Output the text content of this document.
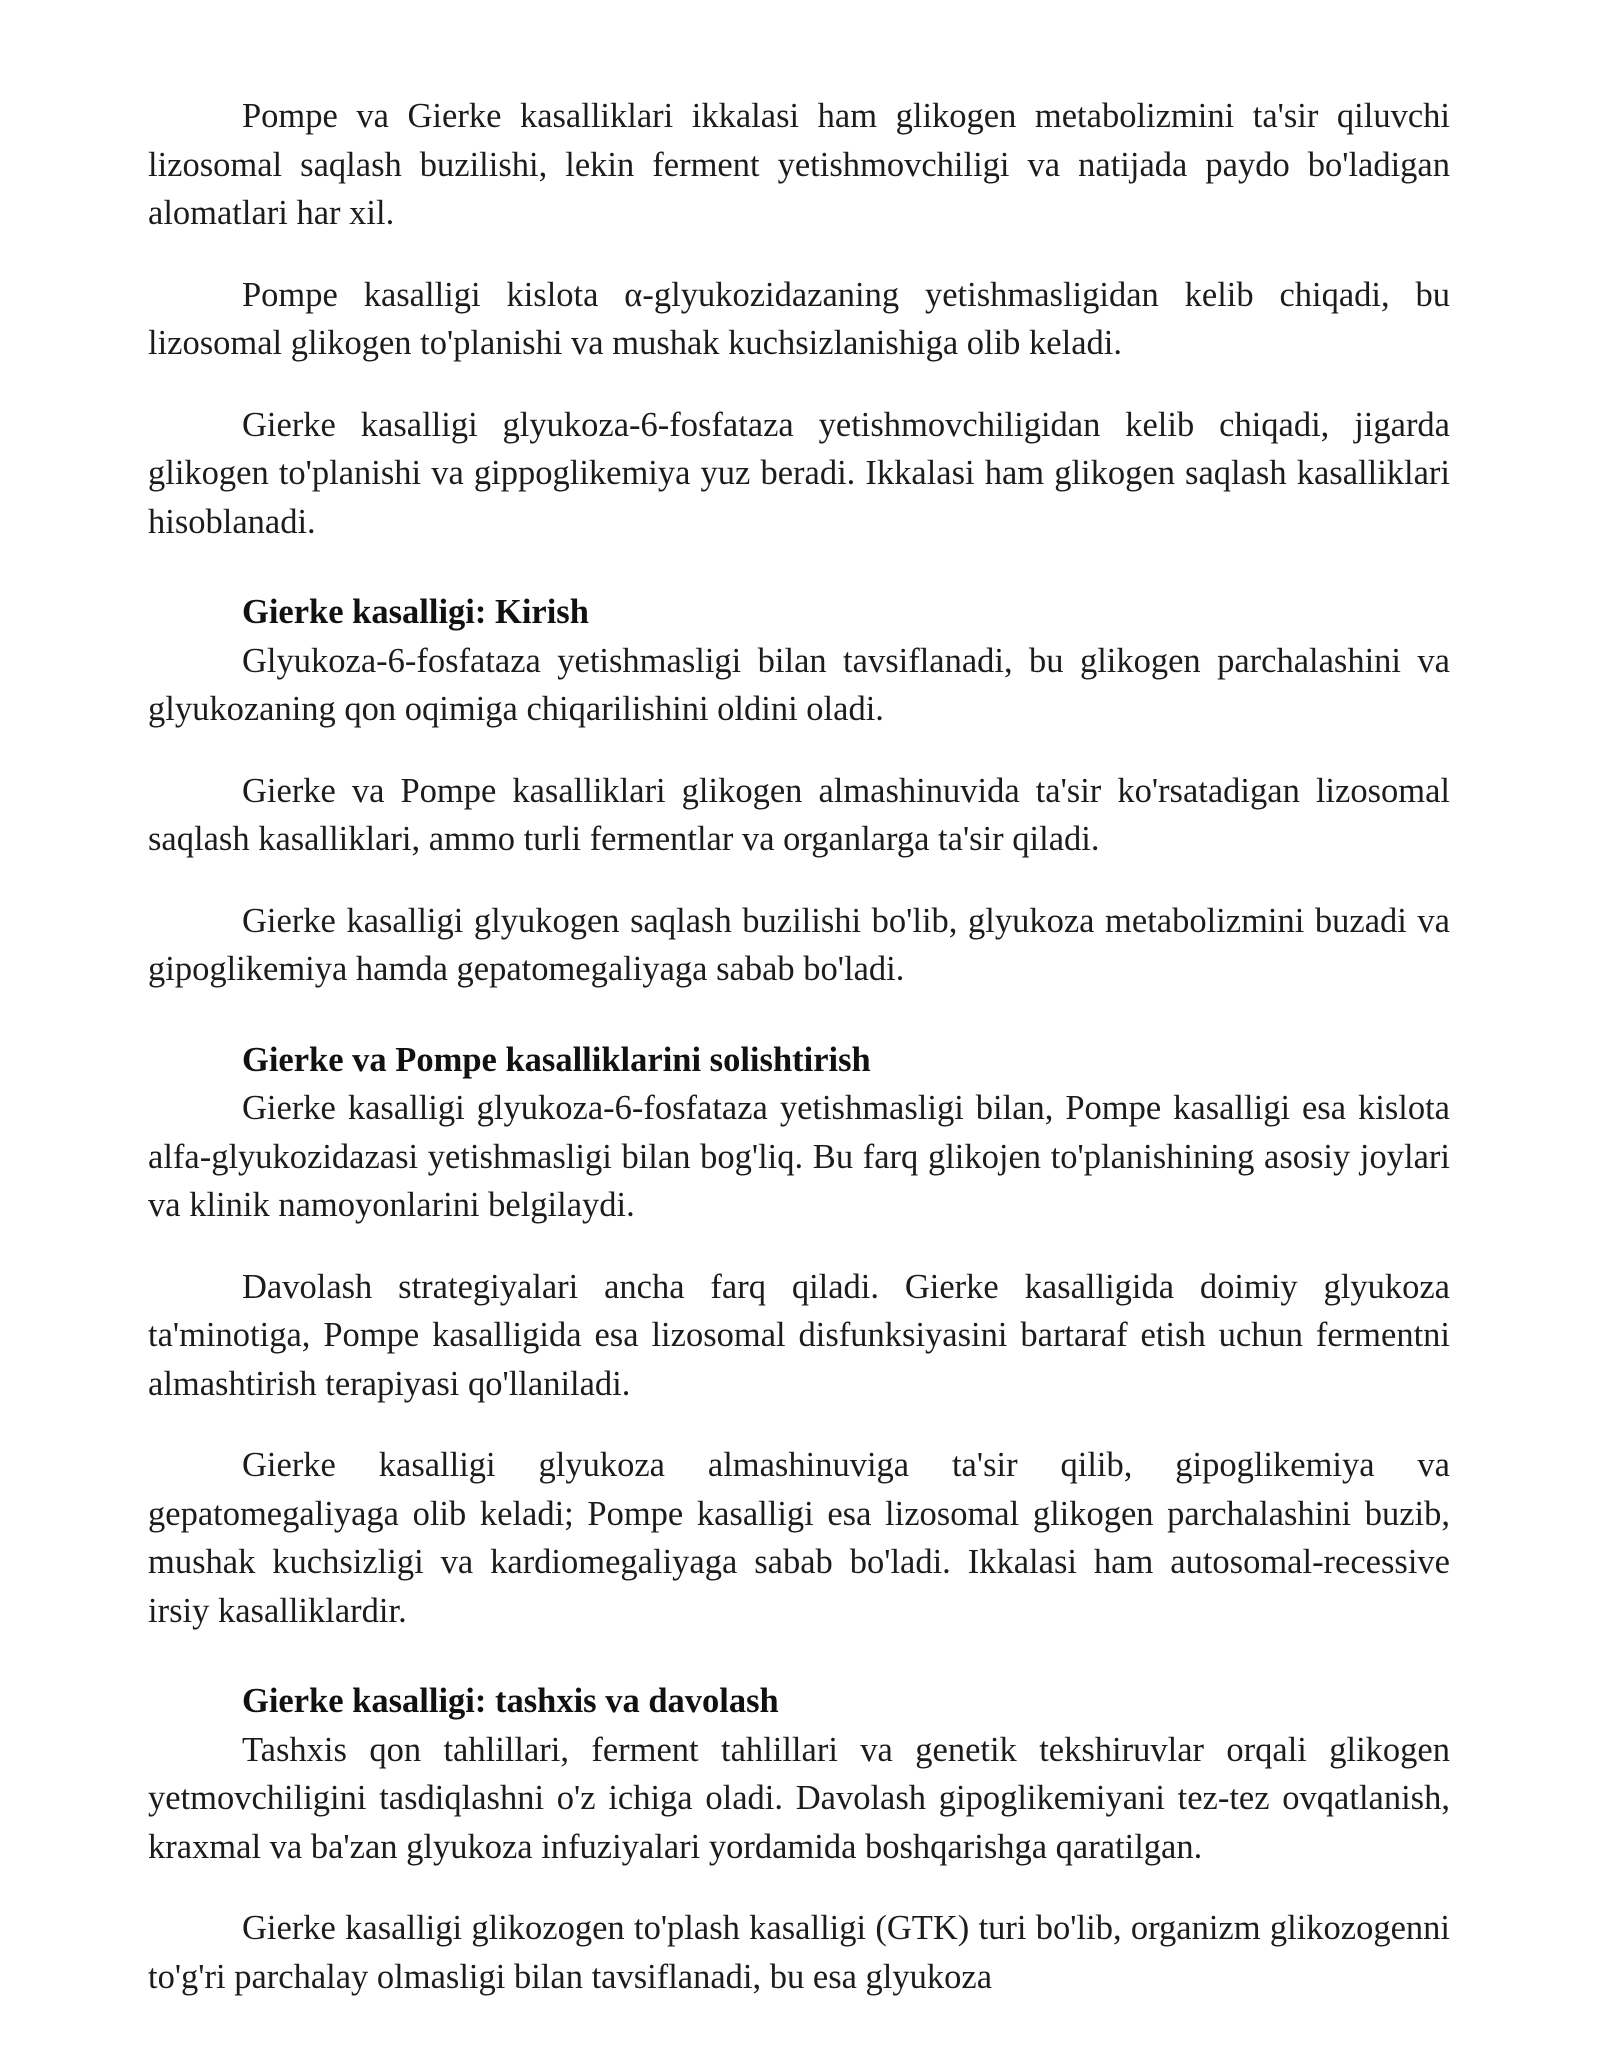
Pompe va Gierke kasalliklari ikkalasi ham glikogen metabolizmini ta'sir qiluvchi lizosomal saqlash buzilishi, lekin ferment yetishmovchiligi va natijada paydo bo'ladigan alomatlari har xil.

Pompe kasalligi kislota α-glyukozidazaning yetishmasligidan kelib chiqadi, bu lizosomal glikogen to'planishi va mushak kuchsizlanishiga olib keladi.

Gierke kasalligi glyukoza-6-fosfataza yetishmovchiligidan kelib chiqadi, jigarda glikogen to'planishi va gippoglikemiya yuz beradi. Ikkalasi ham glikogen saqlash kasalliklari hisoblanadi.

Gierke kasalligi: Kirish

Glyukoza-6-fosfataza yetishmasligi bilan tavsiflanadi, bu glikogen parchalashini va glyukozaning qon oqimiga chiqarilishini oldini oladi.

Gierke va Pompe kasalliklari glikogen almashinuvida ta'sir ko'rsatadigan lizosomal saqlash kasalliklari, ammo turli fermentlar va organlarga ta'sir qiladi.

Gierke kasalligi glyukogen saqlash buzilishi bo'lib, glyukoza metabolizmini buzadi va gipoglikemiya hamda gepatomegaliyaga sabab bo'ladi.

Gierke va Pompe kasalliklarini solishtirish

Gierke kasalligi glyukoza-6-fosfataza yetishmasligi bilan, Pompe kasalligi esa kislota alfa-glyukozidazasi yetishmasligi bilan bog'liq. Bu farq glikojen to'planishining asosiy joylari va klinik namoyonlarini belgilaydi.

Davolash strategiyalari ancha farq qiladi. Gierke kasalligida doimiy glyukoza ta'minotiga, Pompe kasalligida esa lizosomal disfunksiyasini bartaraf etish uchun fermentni almashtirish terapiyasi qo'llaniladi.

Gierke kasalligi glyukoza almashinuviga ta'sir qilib, gipoglikemiya va gepatomegaliyaga olib keladi; Pompe kasalligi esa lizosomal glikogen parchalashini buzib, mushak kuchsizligi va kardiomegaliyaga sabab bo'ladi. Ikkalasi ham autosomal-recessive irsiy kasalliklardir.

Gierke kasalligi: tashxis va davolash

Tashxis qon tahlillari, ferment tahlillari va genetik tekshiruvlar orqali glikogen yetmovchiligini tasdiqlashni o'z ichiga oladi. Davolash gipoglikemiyani tez-tez ovqatlanish, kraxmal va ba'zan glyukoza infuziyalari yordamida boshqarishga qaratilgan.

Gierke kasalligi glikozogen to'plash kasalligi (GTK) turi bo'lib, organizm glikozogenni to'g'ri parchalay olmasligi bilan tavsiflanadi, bu esa glyukoza
